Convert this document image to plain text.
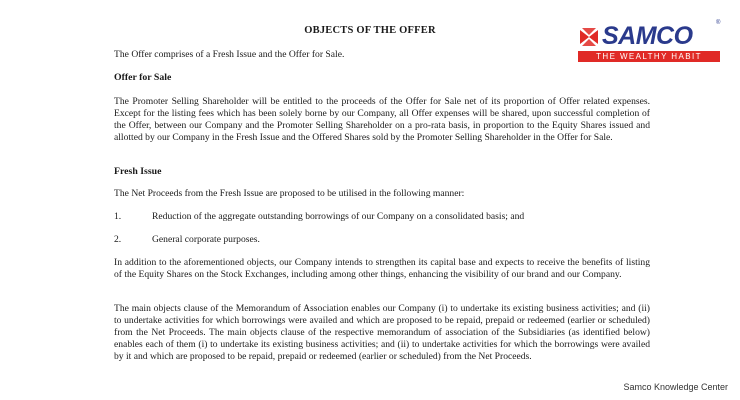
OBJECTS OF THE OFFER
The Offer comprises of a Fresh Issue and the Offer for Sale.
Offer for Sale
The Promoter Selling Shareholder will be entitled to the proceeds of the Offer for Sale net of its proportion of Offer related expenses. Except for the listing fees which has been solely borne by our Company, all Offer expenses will be shared, upon successful completion of the Offer, between our Company and the Promoter Selling Shareholder on a pro-rata basis, in proportion to the Equity Shares issued and allotted by our Company in the Fresh Issue and the Offered Shares sold by the Promoter Selling Shareholder in the Offer for Sale.
Fresh Issue
The Net Proceeds from the Fresh Issue are proposed to be utilised in the following manner:
1.	Reduction of the aggregate outstanding borrowings of our Company on a consolidated basis; and
2.	General corporate purposes.
In addition to the aforementioned objects, our Company intends to strengthen its capital base and expects to receive the benefits of listing of the Equity Shares on the Stock Exchanges, including among other things, enhancing the visibility of our brand and our Company.
The main objects clause of the Memorandum of Association enables our Company (i) to undertake its existing business activities; and (ii) to undertake activities for which borrowings were availed and which are proposed to be repaid, prepaid or redeemed (earlier or scheduled) from the Net Proceeds. The main objects clause of the respective memorandum of association of the Subsidiaries (as identified below) enables each of them (i) to undertake its existing business activities; and (ii) to undertake activities for which the borrowings were availed by it and which are proposed to be repaid, prepaid or redeemed (earlier or scheduled) from the Net Proceeds.
SAMCO	®
THE WEALTHY HABIT
Samco Knowledge Center
